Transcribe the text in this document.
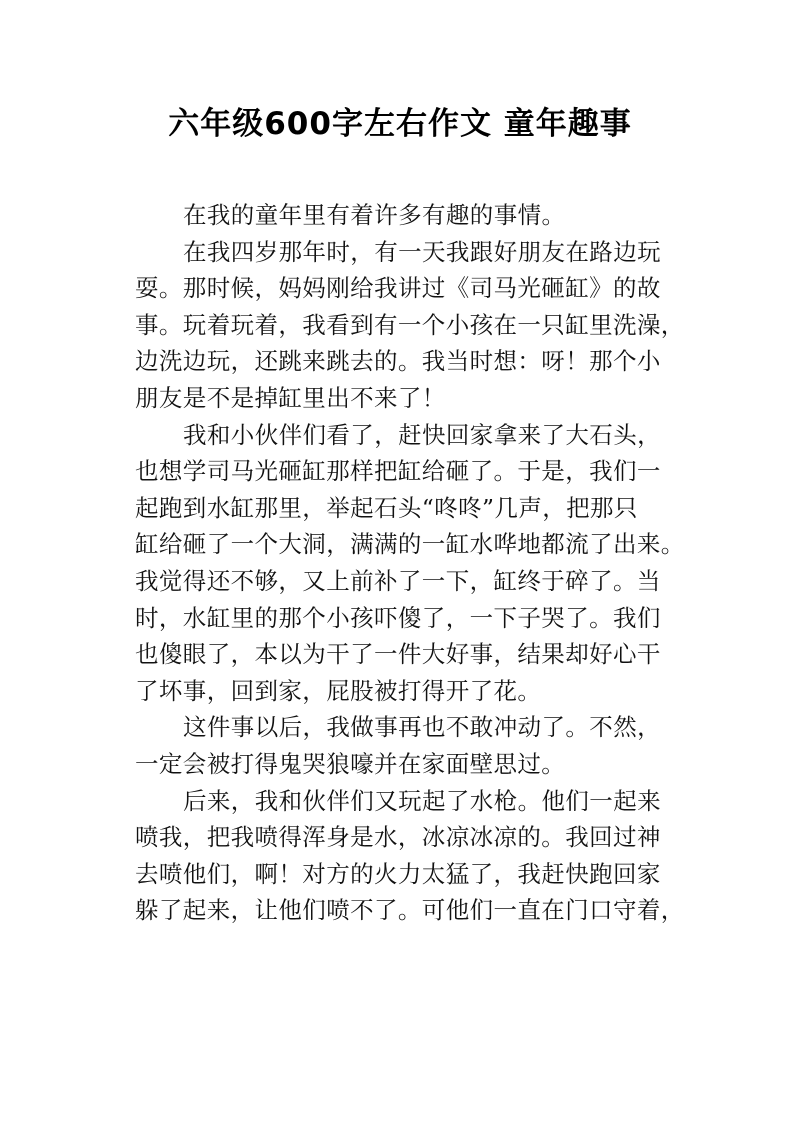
六年级600字左右作文 童年趣事
在我的童年里有着许多有趣的事情。
在我四岁那年时，有一天我跟好朋友在路边玩
耍。那时候，妈妈刚给我讲过《司马光砸缸》的故
事。玩着玩着，我看到有一个小孩在一只缸里洗澡，
边洗边玩，还跳来跳去的。我当时想：呀！那个小
朋友是不是掉缸里出不来了！
我和小伙伴们看了，赶快回家拿来了大石头，
也想学司马光砸缸那样把缸给砸了。于是，我们一
起跑到水缸那里，举起石头“咚咚”几声，把那只
缸给砸了一个大洞，满满的一缸水哗地都流了出来。
我觉得还不够，又上前补了一下，缸终于碎了。当
时，水缸里的那个小孩吓傻了，一下子哭了。我们
也傻眼了，本以为干了一件大好事，结果却好心干
了坏事，回到家，屁股被打得开了花。
这件事以后，我做事再也不敢冲动了。不然，
一定会被打得鬼哭狼嚎并在家面壁思过。
后来，我和伙伴们又玩起了水枪。他们一起来
喷我，把我喷得浑身是水，冰凉冰凉的。我回过神
去喷他们，啊！对方的火力太猛了，我赶快跑回家
躲了起来，让他们喷不了。可他们一直在门口守着，
